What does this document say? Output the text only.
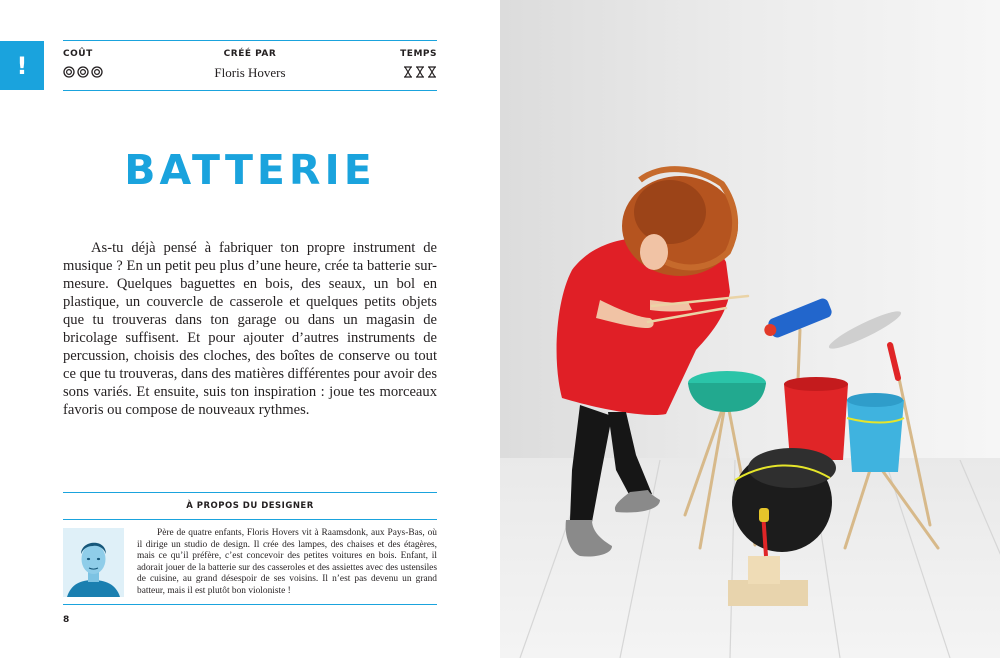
!	COÛT	CRÉÉ PAR
Floris Hovers
TEMPS
BATTERIE

As-tu déjà pensé à fabriquer ton propre instrument de musique ? En un petit peu plus d’une heure, crée ta batterie sur-mesure. Quelques baguettes en bois, des seaux, un bol en plastique, un couvercle de casserole et quelques petits objets que tu trouveras dans ton garage ou dans un magasin de bricolage suffisent. Et pour ajouter d’autres instruments de percussion, choisis des cloches, des boîtes de conserve ou tout ce que tu trouveras, dans des matières différentes pour avoir des sons variés. Et ensuite, suis ton inspiration : joue tes morceaux favoris ou compose de nouveaux rythmes.

À PROPOS DU DESIGNER

Père de quatre enfants, Floris Hovers vit à Raamsdonk, aux Pays-Bas, où il dirige un studio de design. Il crée des lampes, des chaises et des étagères, mais ce qu’il préfère, c’est concevoir des petites voitures en bois. Enfant, il adorait jouer de la batterie sur des casseroles et des assiettes avec des ustensiles de cuisine, au grand désespoir de ses voisins. Il n’est pas devenu un grand batteur, mais il est plutôt bon violoniste !

8
